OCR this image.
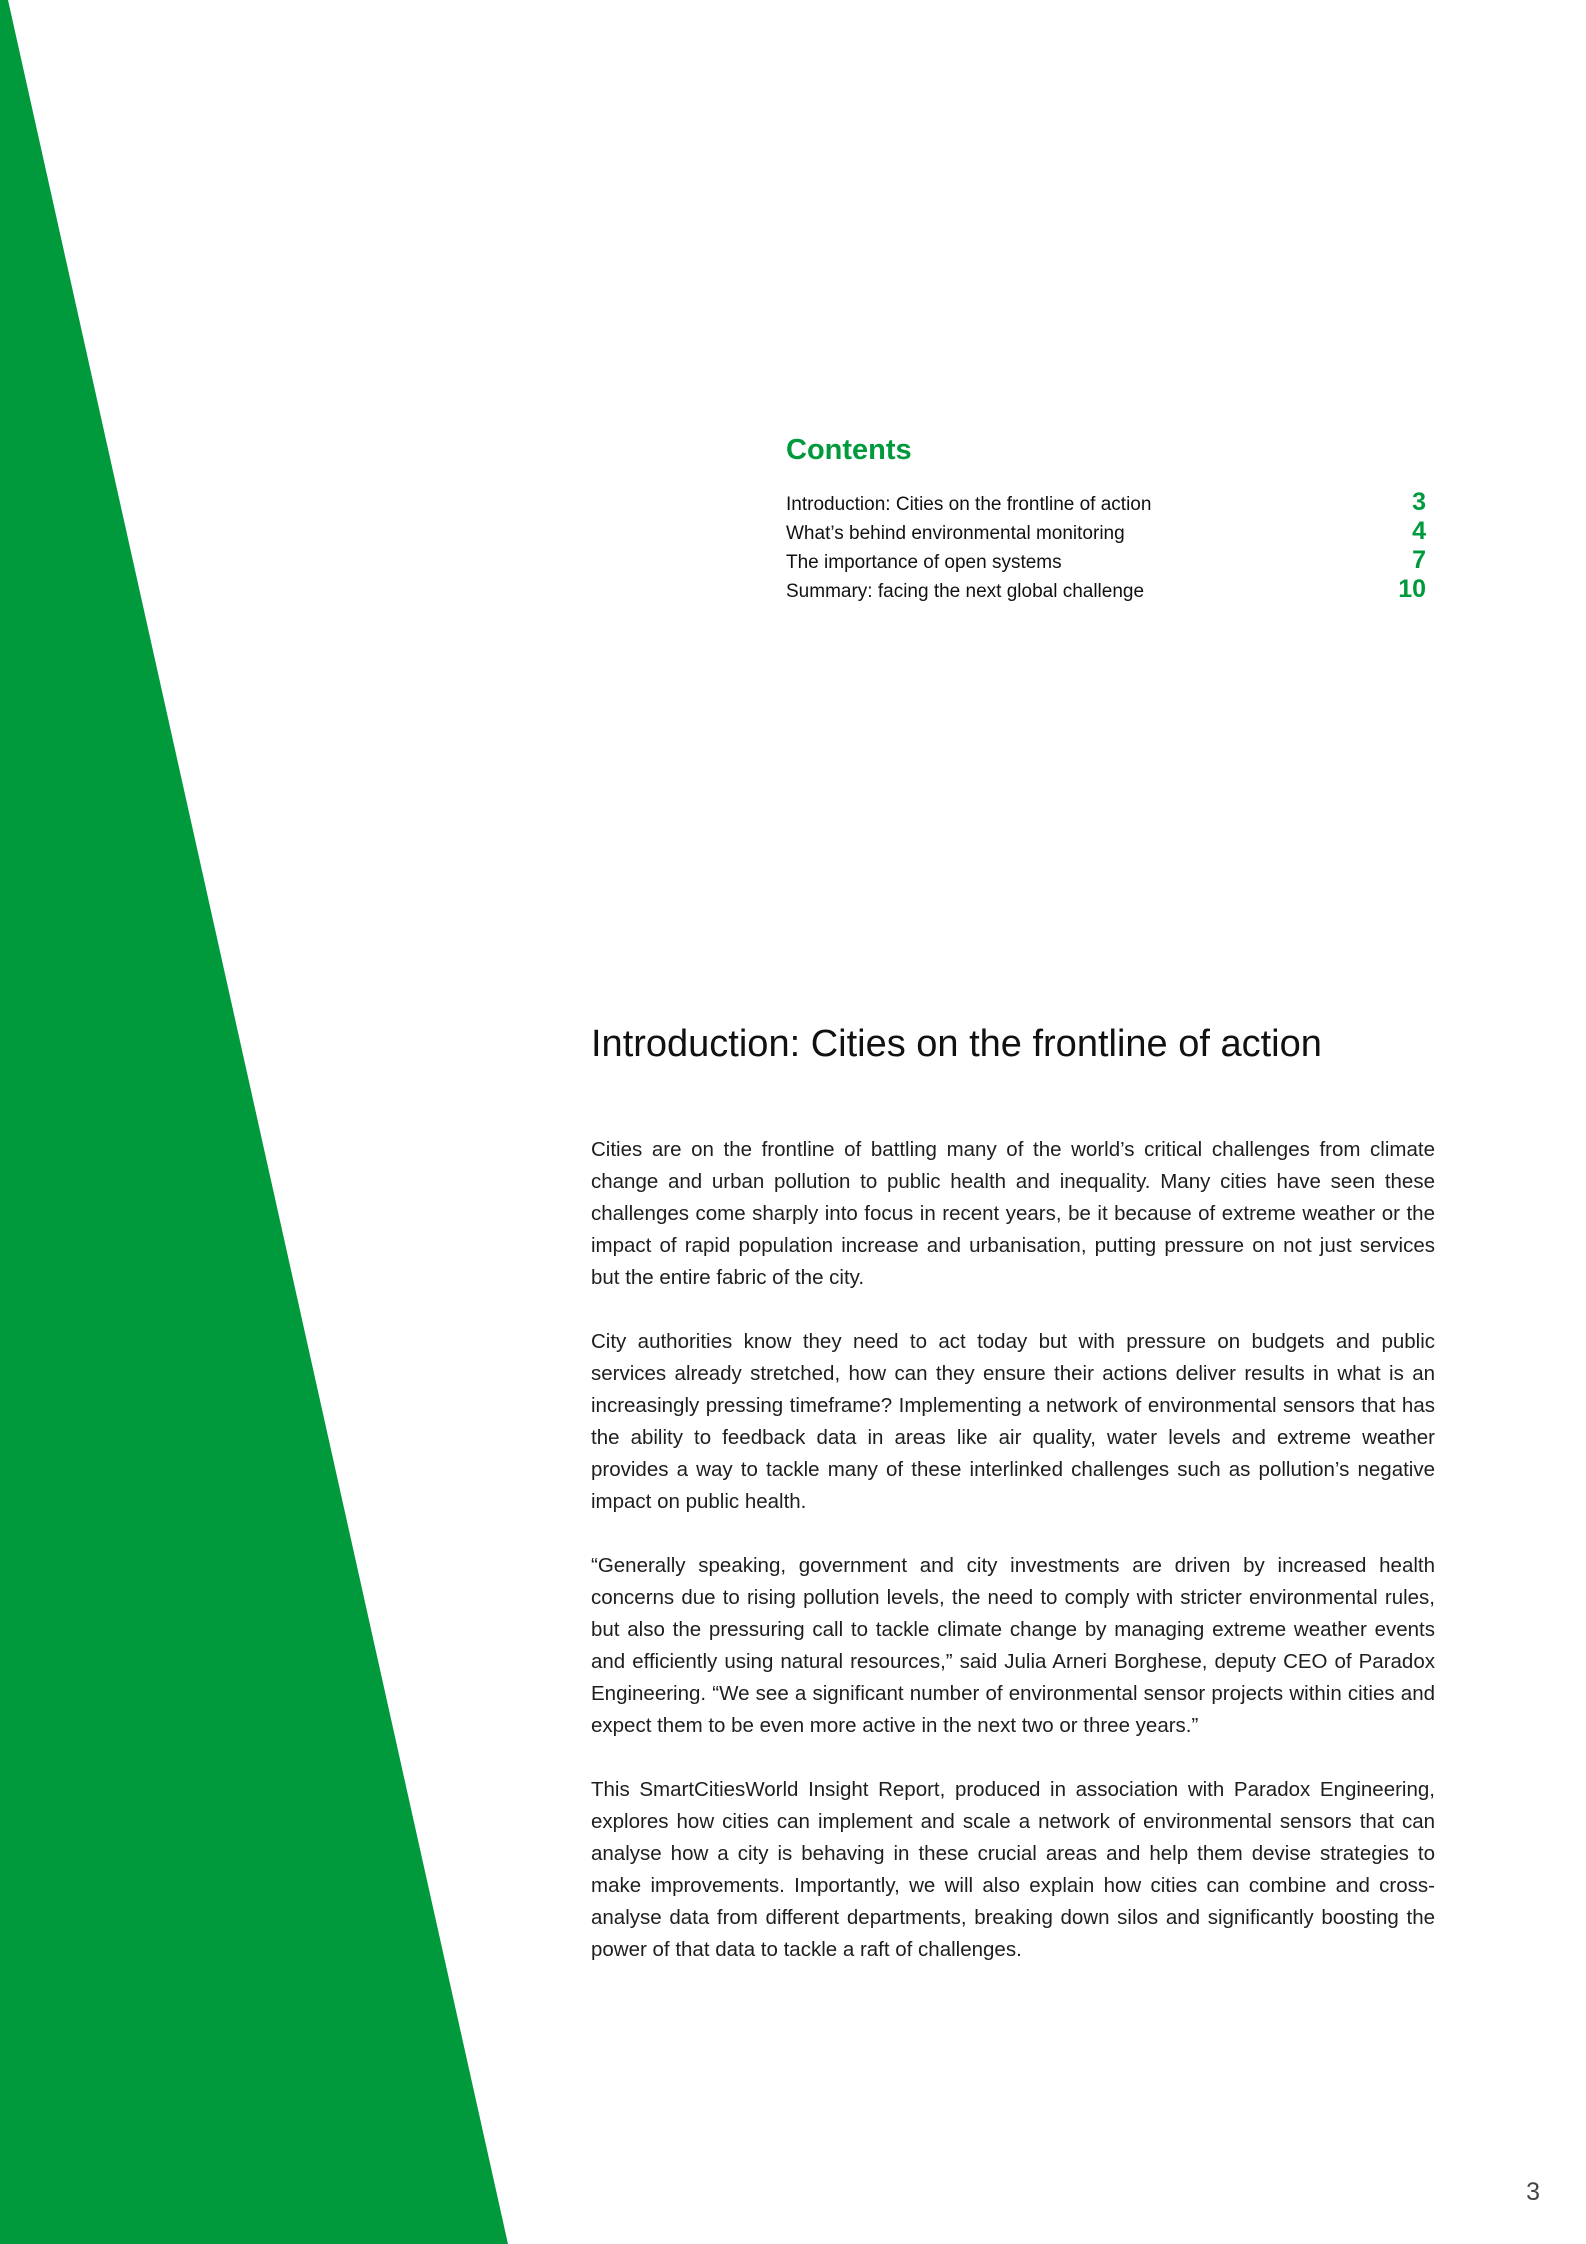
Contents
Introduction: Cities on the frontline of action	3
What’s behind environmental monitoring	4
The importance of open systems	7
Summary: facing the next global challenge	10
Introduction: Cities on the frontline of action

Cities are on the frontline of battling many of the world’s critical challenges from climate change and urban pollution to public health and inequality. Many cities have seen these challenges come sharply into focus in recent years, be it because of extreme weather or the impact of rapid population increase and urbanisation, putting pressure on not just services but the entire fabric of the city.

City authorities know they need to act today but with pressure on budgets and public services already stretched, how can they ensure their actions deliver results in what is an increasingly pressing timeframe? Implementing a network of environmental sensors that has the ability to feedback data in areas like air quality, water levels and extreme weather provides a way to tackle many of these interlinked challenges such as pollution’s negative impact on public health.

“Generally speaking, government and city investments are driven by increased health concerns due to rising pollution levels, the need to comply with stricter environmental rules, but also the pressuring call to tackle climate change by managing extreme weather events and efficiently using natural resources,” said Julia Arneri Borghese, deputy CEO of Paradox Engineering. “We see a significant number of environmental sensor projects within cities and expect them to be even more active in the next two or three years.”

This SmartCitiesWorld Insight Report, produced in association with Paradox Engineering, explores how cities can implement and scale a network of environmental sensors that can analyse how a city is behaving in these crucial areas and help them devise strategies to make improvements. Importantly, we will also explain how cities can combine and cross-analyse data from different departments, breaking down silos and significantly boosting the power of that data to tackle a raft of challenges.

3
